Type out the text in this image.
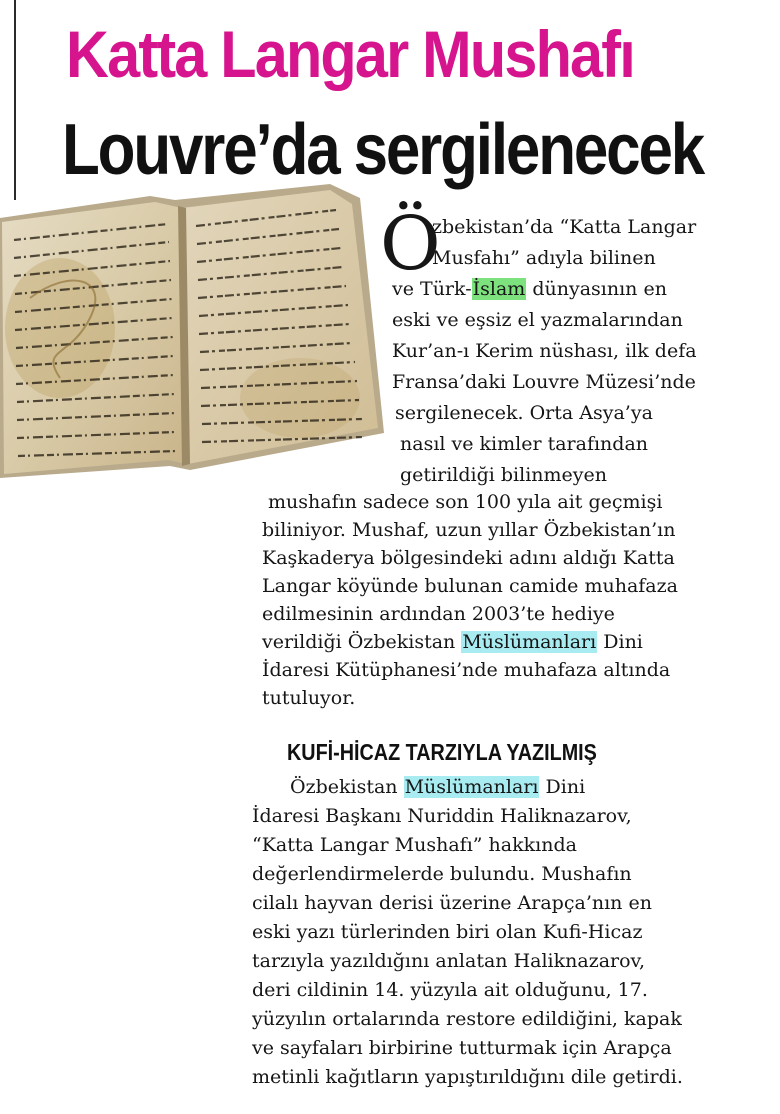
Katta Langar Mushafı
Louvre’da sergilenecek
Ö

zbekistan’da “Katta Langar

Musfahı” adıyla bilinen

ve Türk-İslam dünyasının en

eski ve eşsiz el yazmalarından

Kur’an-ı Kerim nüshası, ilk defa

Fransa’daki Louvre Müzesi’nde

sergilenecek. Orta Asya’ya

nasıl ve kimler tarafından

getirildiği bilinmeyen

mushafın sadece son 100 yıla ait geçmişi

biliniyor. Mushaf, uzun yıllar Özbekistan’ın

Kaşkaderya bölgesindeki adını aldığı Katta

Langar köyünde bulunan camide muhafaza

edilmesinin ardından 2003’te hediye

verildiği Özbekistan Müslümanları Dini

İdaresi Kütüphanesi’nde muhafaza altında

tutuluyor.

KUFİ-HİCAZ TARZIYLA YAZILMIŞ

Özbekistan Müslümanları Dini

İdaresi Başkanı Nuriddin Haliknazarov,

“Katta Langar Mushafı” hakkında

değerlendirmelerde bulundu. Mushafın

cilalı hayvan derisi üzerine Arapça’nın en

eski yazı türlerinden biri olan Kufi-Hicaz

tarzıyla yazıldığını anlatan Haliknazarov,

deri cildinin 14. yüzyıla ait olduğunu, 17.

yüzyılın ortalarında restore edildiğini, kapak

ve sayfaları birbirine tutturmak için Arapça

metinli kağıtların yapıştırıldığını dile getirdi.
